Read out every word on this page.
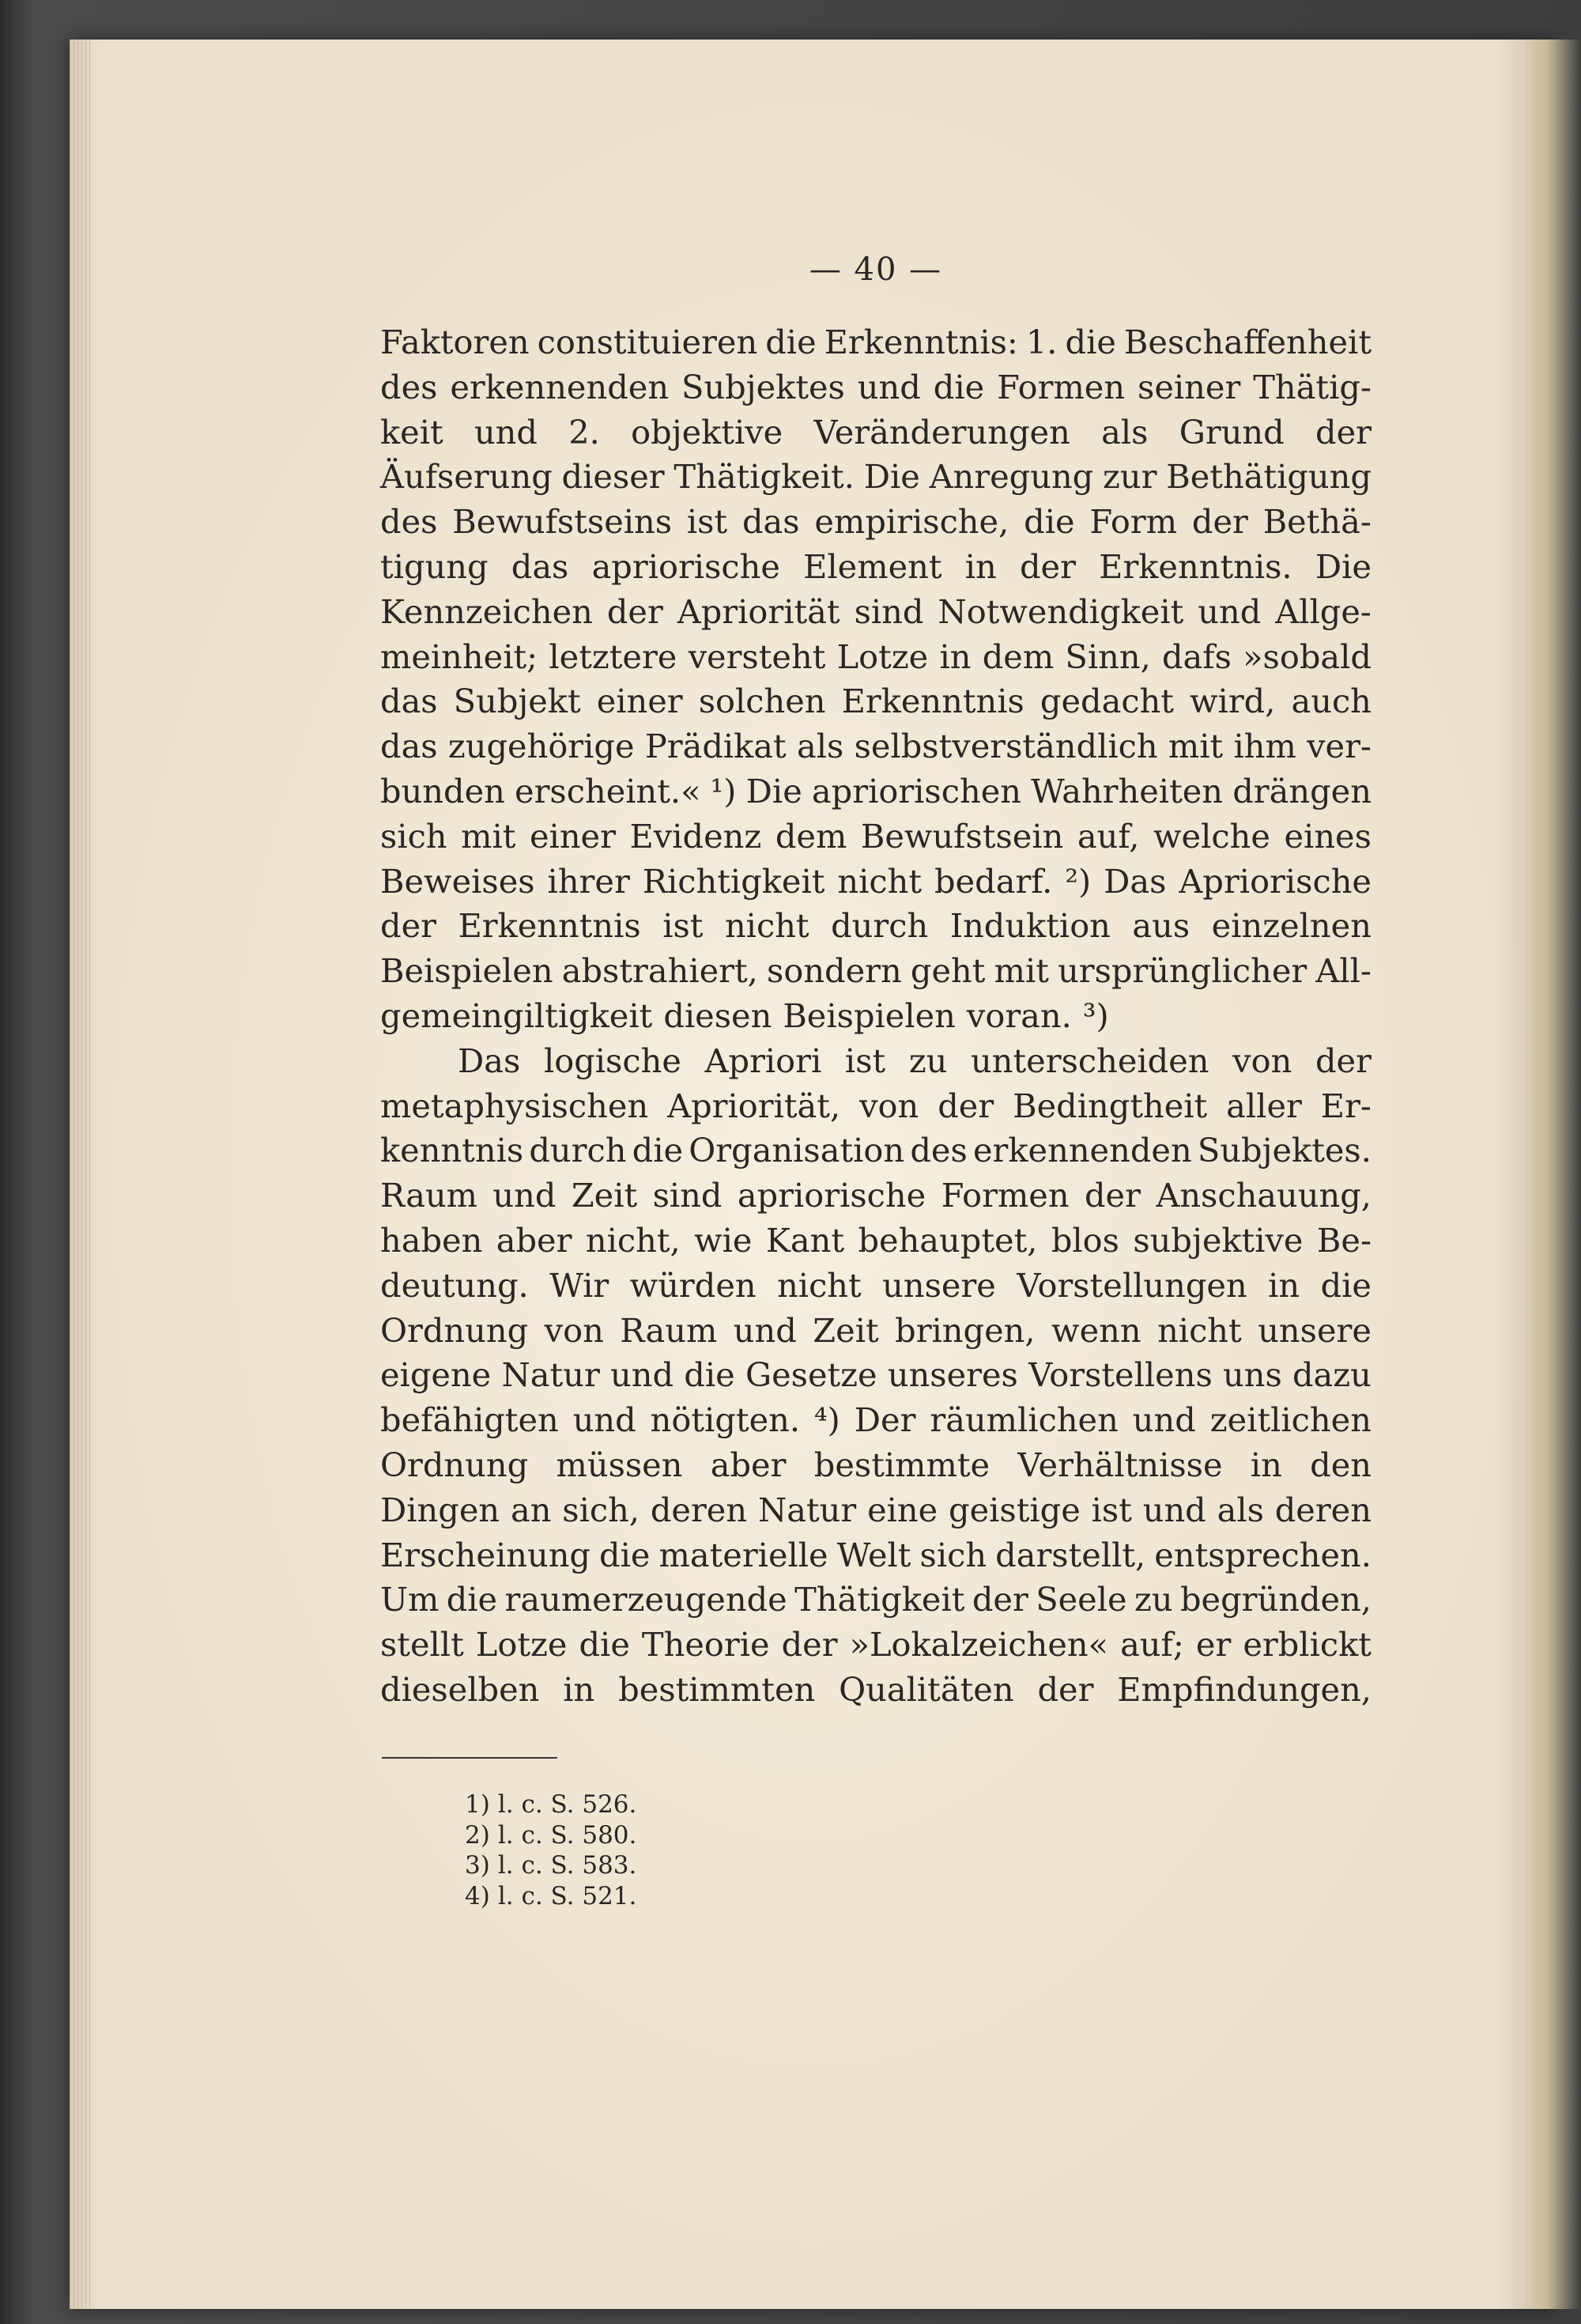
— 40 —
Faktoren constituieren die Erkenntnis: 1. die Beschaffenheit
des erkennenden Subjektes und die Formen seiner Thätig-
keit und 2. objektive Veränderungen als Grund der
Äufserung dieser Thätigkeit. Die Anregung zur Bethätigung
des Bewufstseins ist das empirische, die Form der Bethä-
tigung das apriorische Element in der Erkenntnis. Die
Kennzeichen der Apriorität sind Notwendigkeit und Allge-
meinheit; letztere versteht Lotze in dem Sinn, dafs »sobald
das Subjekt einer solchen Erkenntnis gedacht wird, auch
das zugehörige Prädikat als selbstverständlich mit ihm ver-
bunden erscheint.« ¹) Die apriorischen Wahrheiten drängen
sich mit einer Evidenz dem Bewufstsein auf, welche eines
Beweises ihrer Richtigkeit nicht bedarf. ²) Das Apriorische
der Erkenntnis ist nicht durch Induktion aus einzelnen
Beispielen abstrahiert, sondern geht mit ursprünglicher All-
gemeingiltigkeit diesen Beispielen voran. ³)
Das logische Apriori ist zu unterscheiden von der
metaphysischen Apriorität, von der Bedingtheit aller Er-
kenntnis durch die Organisation des erkennenden Subjektes.
Raum und Zeit sind apriorische Formen der Anschauung,
haben aber nicht, wie Kant behauptet, blos subjektive Be-
deutung. Wir würden nicht unsere Vorstellungen in die
Ordnung von Raum und Zeit bringen, wenn nicht unsere
eigene Natur und die Gesetze unseres Vorstellens uns dazu
befähigten und nötigten. ⁴) Der räumlichen und zeitlichen
Ordnung müssen aber bestimmte Verhältnisse in den
Dingen an sich, deren Natur eine geistige ist und als deren
Erscheinung die materielle Welt sich darstellt, entsprechen.
Um die raumerzeugende Thätigkeit der Seele zu begründen,
stellt Lotze die Theorie der »Lokalzeichen« auf; er erblickt
dieselben in bestimmten Qualitäten der Empfindungen,
1) l. c. S. 526.
2) l. c. S. 580.
3) l. c. S. 583.
4) l. c. S. 521.
